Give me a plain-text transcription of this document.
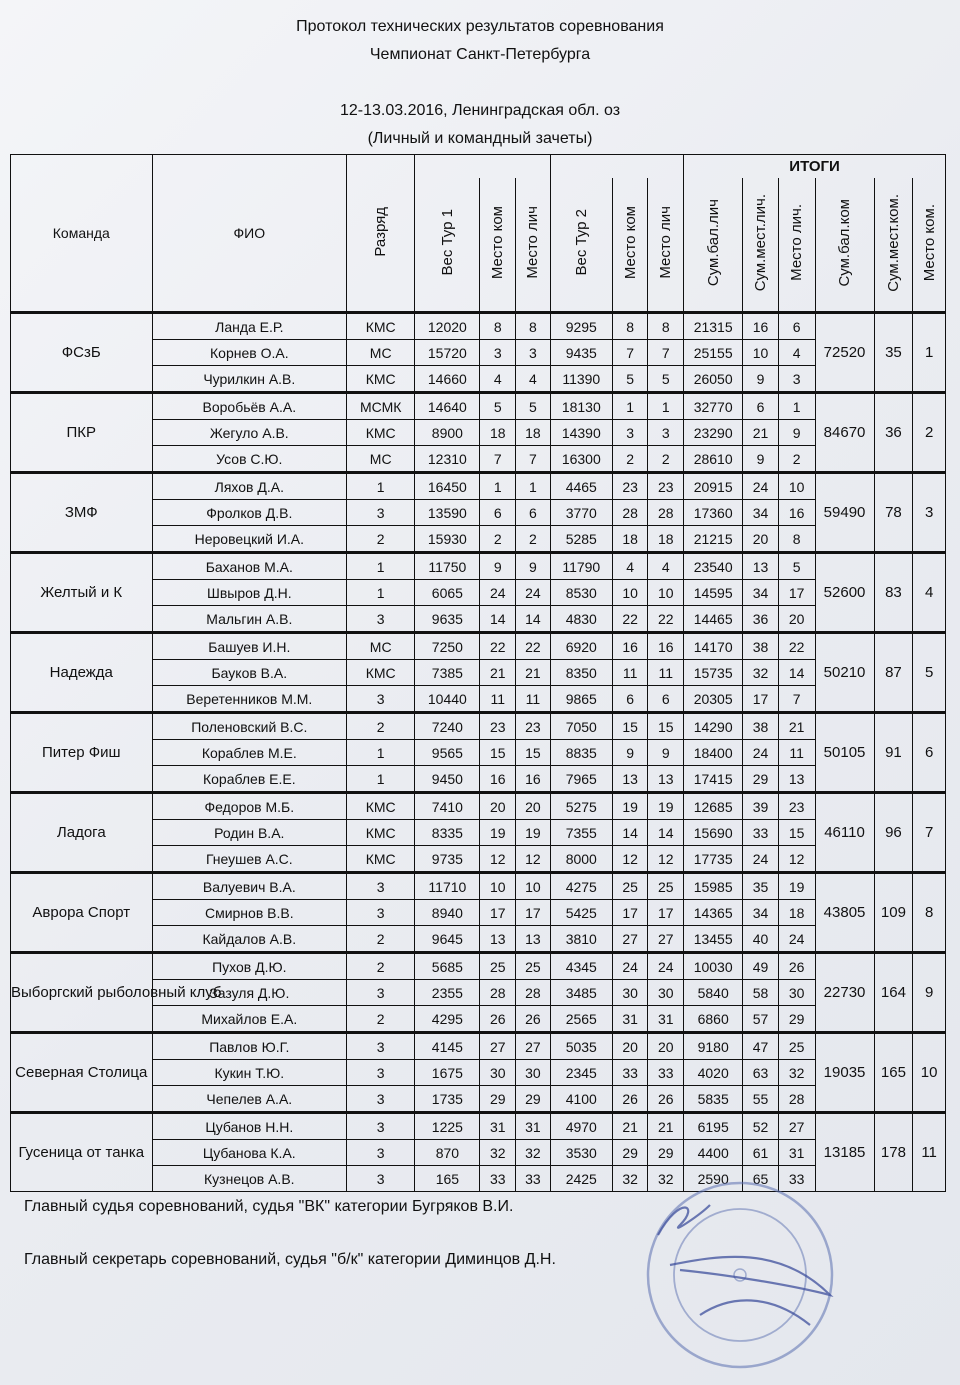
Протокол технических результатов соревнования
Чемпионат Санкт-Петербурга
12-13.03.2016, Ленинградская обл. оз
(Личный и командный зачеты)
Команда	ФИО	Разряд							ИТОГИ					
			Вес Тур 1	Место ком	Место лич	Вес Тур 2	Место ком	Место лич	Сум.бал.лич	Сум.мест.лич.	Место лич.	Сум.бал.ком	Сум.мест.ком.	Место ком.
ФСзБ	Ланда Е.Р.	КМС	12020	8	8	9295	8	8	21315	16	6	72520	35	1
	Корнев О.А.	МС	15720	3	3	9435	7	7	25155	10	4			
	Чурилкин А.В.	КМС	14660	4	4	11390	5	5	26050	9	3			
ПКР	Воробьёв А.А.	МСМК	14640	5	5	18130	1	1	32770	6	1	84670	36	2
	Жегуло А.В.	КМС	8900	18	18	14390	3	3	23290	21	9			
	Усов С.Ю.	МС	12310	7	7	16300	2	2	28610	9	2			
ЗМФ	Ляхов Д.А.	1	16450	1	1	4465	23	23	20915	24	10	59490	78	3
	Фролков Д.В.	3	13590	6	6	3770	28	28	17360	34	16			
	Неровецкий И.А.	2	15930	2	2	5285	18	18	21215	20	8			
Желтый и К	Баханов М.А.	1	11750	9	9	11790	4	4	23540	13	5	52600	83	4
	Швыров Д.Н.	1	6065	24	24	8530	10	10	14595	34	17			
	Мальгин А.В.	3	9635	14	14	4830	22	22	14465	36	20			
Надежда	Башуев И.Н.	МС	7250	22	22	6920	16	16	14170	38	22	50210	87	5
	Бауков В.А.	КМС	7385	21	21	8350	11	11	15735	32	14			
	Веретенников М.М.	3	10440	11	11	9865	6	6	20305	17	7			
Питер Фиш	Поленовский В.С.	2	7240	23	23	7050	15	15	14290	38	21	50105	91	6
	Кораблев М.Е.	1	9565	15	15	8835	9	9	18400	24	11			
	Кораблев Е.Е.	1	9450	16	16	7965	13	13	17415	29	13			
Ладога	Федоров М.Б.	КМС	7410	20	20	5275	19	19	12685	39	23	46110	96	7
	Родин В.А.	КМС	8335	19	19	7355	14	14	15690	33	15			
	Гнеушев А.С.	КМС	9735	12	12	8000	12	12	17735	24	12			
Аврора Спорт	Валуевич В.А.	3	11710	10	10	4275	25	25	15985	35	19	43805	109	8
	Смирнов В.В.	3	8940	17	17	5425	17	17	14365	34	18			
	Кайдалов А.В.	2	9645	13	13	3810	27	27	13455	40	24			
Выборгский рыболовный клуб	Пухов Д.Ю.	2	5685	25	25	4345	24	24	10030	49	26	22730	164	9
	Зазуля Д.Ю.	3	2355	28	28	3485	30	30	5840	58	30			
	Михайлов Е.А.	2	4295	26	26	2565	31	31	6860	57	29			
Северная Столица	Павлов Ю.Г.	3	4145	27	27	5035	20	20	9180	47	25	19035	165	10
	Кукин Т.Ю.	3	1675	30	30	2345	33	33	4020	63	32			
	Чепелев А.А.	3	1735	29	29	4100	26	26	5835	55	28			
Гусеница от танка	Цубанов Н.Н.	3	1225	31	31	4970	21	21	6195	52	27	13185	178	11
	Цубанова К.А.	3	870	32	32	3530	29	29	4400	61	31			
	Кузнецов А.В.	3	165	33	33	2425	32	32	2590	65	33			
Главный судья соревнований, судья "ВК" категории Бугряков В.И.
Главный секретарь соревнований, судья "б/к" категории Диминцов Д.Н.
